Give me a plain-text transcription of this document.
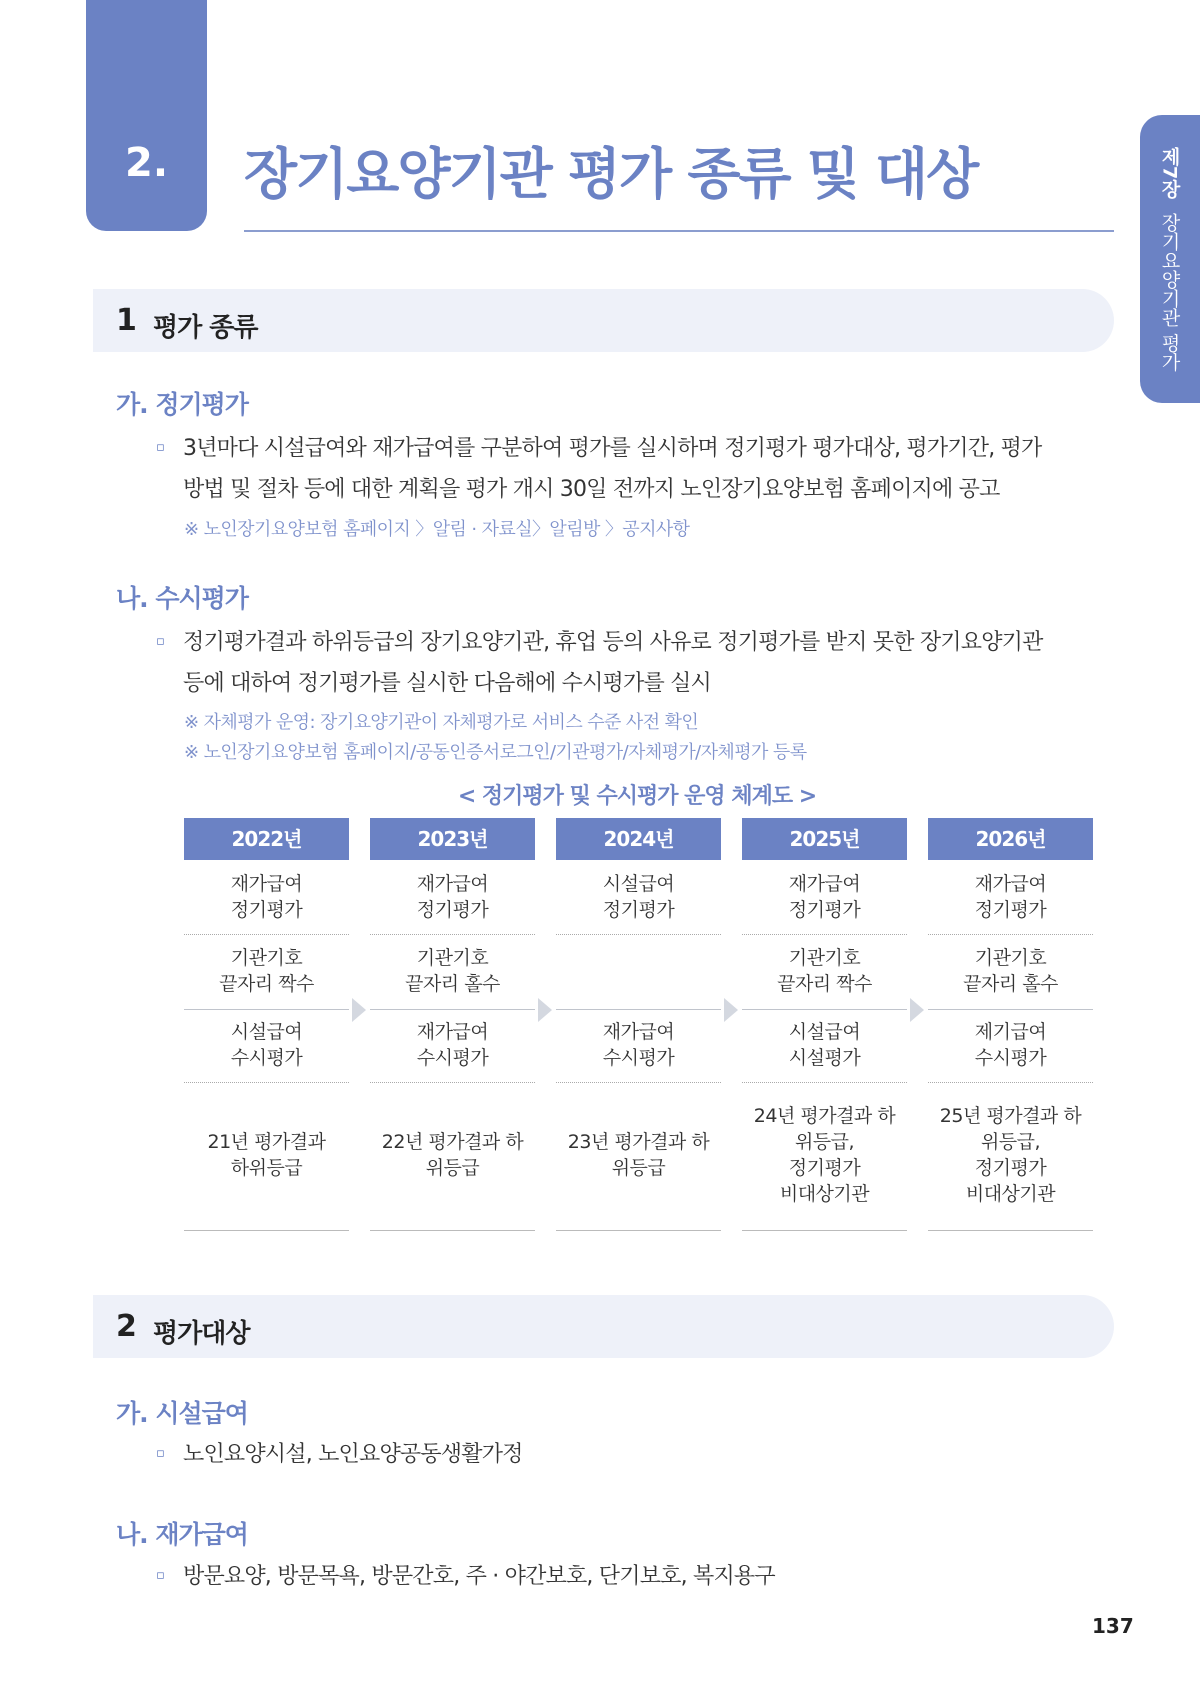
2.	장기요양기관 평가 종류 및 대상	제7장
장기요양기관 평가
1 평가 종류
가. 정기평가
▫ 3년마다 시설급여와 재가급여를 구분하여 평가를 실시하며 정기평가 평가대상, 평가기간, 평가
방법 및 절차 등에 대한 계획을 평가 개시 30일 전까지 노인장기요양보험 홈페이지에 공고
※ 노인장기요양보험 홈페이지 〉알림 · 자료실〉알림방 〉공지사항
나. 수시평가
▫ 정기평가결과 하위등급의 장기요양기관, 휴업 등의 사유로 정기평가를 받지 못한 장기요양기관
등에 대하여 정기평가를 실시한 다음해에 수시평가를 실시
※ 자체평가 운영: 장기요양기관이 자체평가로 서비스 수준 사전 확인
※ 노인장기요양보험 홈페이지/공동인증서로그인/기관평가/자체평가/자체평가 등록
< 정기평가 및 수시평가 운영 체계도 >
2022년
재가급여
정기평가
기관기호
끝자리 짝수
시설급여
수시평가
21년 평가결과
하위등급
2023년
재가급여
정기평가
기관기호
끝자리 홀수
재가급여
수시평가
22년 평가결과 하
위등급
2024년
시설급여
정기평가
재가급여
수시평가
23년 평가결과 하
위등급
2025년
재가급여
정기평가
기관기호
끝자리 짝수
시설급여
시설평가
24년 평가결과 하
위등급,
정기평가
비대상기관
2026년
재가급여
정기평가
기관기호
끝자리 홀수
제기급여
수시평가
25년 평가결과 하
위등급,
정기평가
비대상기관
2 평가대상
가. 시설급여
▫ 노인요양시설, 노인요양공동생활가정
나. 재가급여
▫ 방문요양, 방문목욕, 방문간호, 주 · 야간보호, 단기보호, 복지용구
137
